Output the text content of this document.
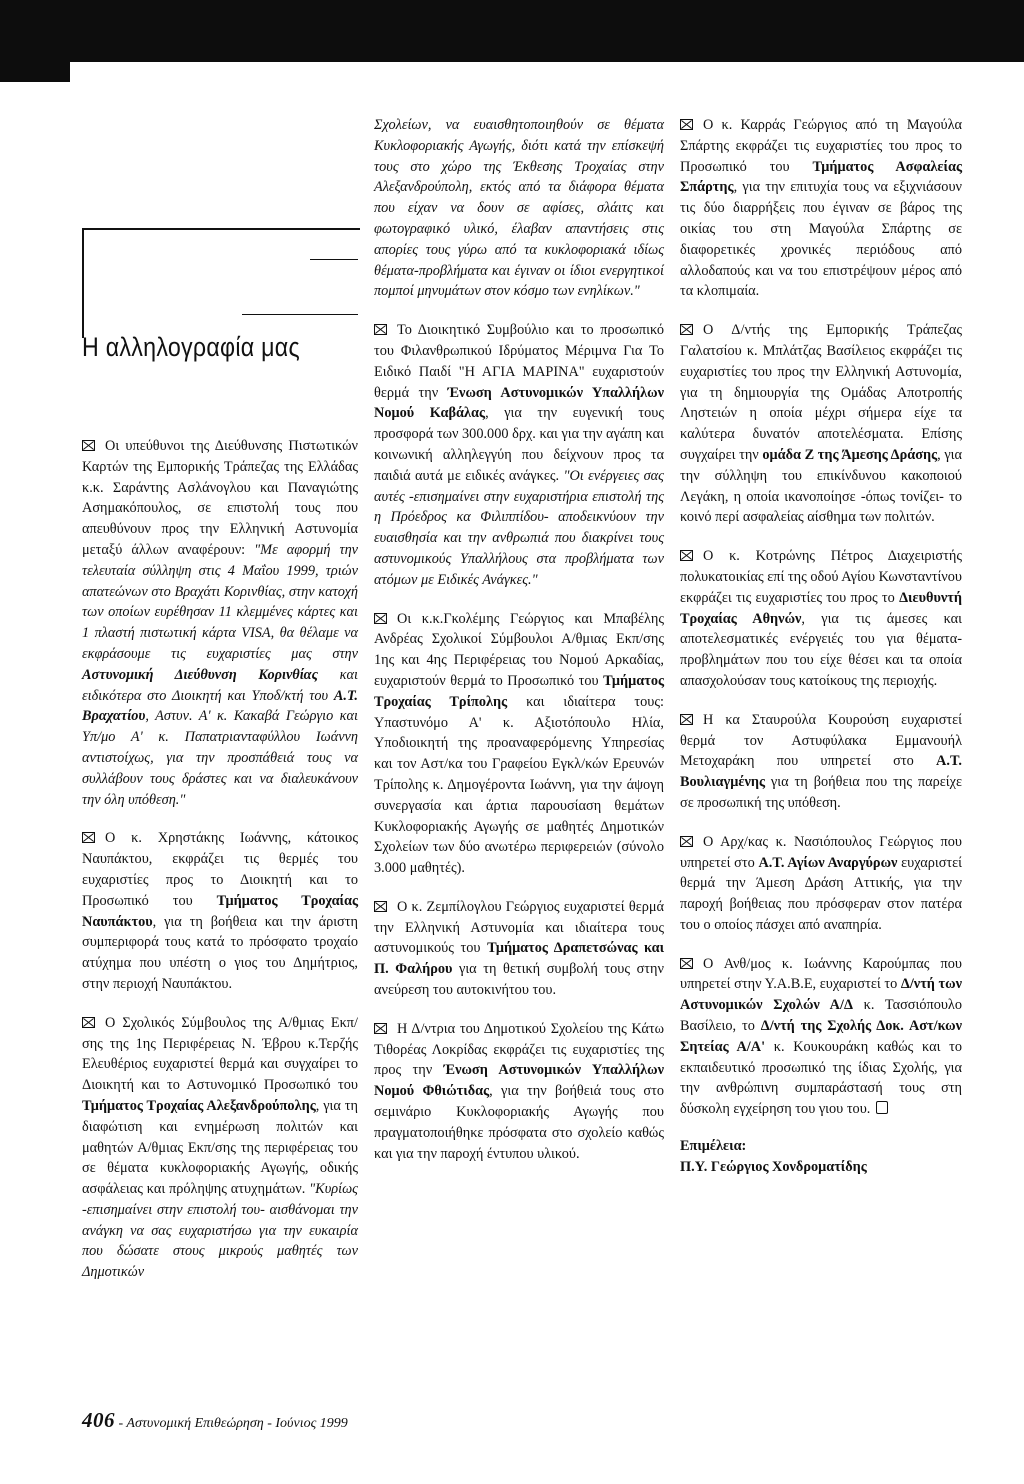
Η αλληλογραφία μας

Οι υπεύθυνοι της Διεύθυνσης Πιστωτικών Καρτών της Εμπορικής Τράπεζας της Ελλάδας κ.κ. Σαράντης Ασλάνογλου και Παναγιώτης Ασημακόπουλος, σε επιστολή τους που απευθύνουν προς την Ελληνική Αστυνομία μεταξύ άλλων αναφέρουν: "Με αφορμή την τελευταία σύλληψη στις 4 Μαΐου 1999, τριών απατεώνων στο Βραχάτι Κορινθίας, στην κατοχή των οποίων ευρέθησαν 11 κλεμμένες κάρτες και 1 πλαστή πιστωτική κάρτα VISA, θα θέλαμε να εκφράσουμε τις ευχαριστίες μας στην Αστυνομική Διεύθυνση Κορινθίας και ειδικότερα στο Διοικητή και Υποδ/κτή του Α.Τ. Βραχατίου, Αστυν. Α' κ. Κακαβά Γεώργιο και Υπ/μο Α' κ. Παπατριανταφύλλου Ιωάννη αντιστοίχως, για την προσπάθειά τους να συλλάβουν τους δράστες και να διαλευκάνουν την όλη υπόθεση."

Ο κ. Χρηστάκης Ιωάννης, κάτοικος Ναυπάκτου, εκφράζει τις θερμές του ευχαριστίες προς το Διοικητή και το Προσωπικό του Τμήματος Τροχαίας Ναυπάκτου, για τη βοήθεια και την άριστη συμπεριφορά τους κατά το πρόσφατο τροχαίο ατύχημα που υπέστη ο γιος του Δημήτριος, στην περιοχή Ναυπάκτου.

Ο Σχολικός Σύμβουλος της Α/θμιας Εκπ/σης της 1ης Περιφέρειας Ν. Έβρου κ.Τερζής Ελευθέριος ευχαριστεί θερμά και συγχαίρει το Διοικητή και το Αστυνομικό Προσωπικό του Τμήματος Τροχαίας Αλεξανδρούπολης, για τη διαφώτιση και ενημέρωση πολιτών και μαθητών Α/θμιας Εκπ/σης της περιφέρειας του σε θέματα κυκλοφοριακής Αγωγής, οδικής ασφάλειας και πρόληψης ατυχημάτων. "Κυρίως -επισημαίνει στην επιστολή του- αισθάνομαι την ανάγκη να σας ευχαριστήσω για την ευκαιρία που δώσατε στους μικρούς μαθητές των Δημοτικών

Σχολείων, να ευαισθητοποιηθούν σε θέματα Κυκλοφοριακής Αγωγής, διότι κατά την επίσκεψή τους στο χώρο της Έκθεσης Τροχαίας στην Αλεξανδρούπολη, εκτός από τα διάφορα θέματα που είχαν να δουν σε αφίσες, σλάιτς και φωτογραφικό υλικό, έλαβαν απαντήσεις στις απορίες τους γύρω από τα κυκλοφοριακά ιδίως θέματα-προβλήματα και έγιναν οι ίδιοι ενεργητικοί πομποί μηνυμάτων στον κόσμο των ενηλίκων."

Το Διοικητικό Συμβούλιο και το προσωπικό του Φιλανθρωπικού Ιδρύματος Μέριμνα Για Το Ειδικό Παιδί "Η ΑΓΙΑ ΜΑΡΙΝΑ" ευχαριστούν θερμά την Ένωση Αστυνομικών Υπαλλήλων Νομού Καβάλας, για την ευγενική τους προσφορά των 300.000 δρχ. και για την αγάπη και κοινωνική αλληλεγγύη που δείχνουν προς τα παιδιά αυτά με ειδικές ανάγκες. "Οι ενέργειες σας αυτές -επισημαίνει στην ευχαριστήρια επιστολή της η Πρόεδρος κα Φιλιππίδου- αποδεικνύουν την ευαισθησία και την ανθρωπιά που διακρίνει τους αστυνομικούς Υπαλλήλους στα προβλήματα των ατόμων με Ειδικές Ανάγκες."

Οι κ.κ.Γκολέμης Γεώργιος και Μπαβέλης Ανδρέας Σχολικοί Σύμβουλοι Α/θμιας Εκπ/σης 1ης και 4ης Περιφέρειας του Νομού Αρκαδίας, ευχαριστούν θερμά το Προσωπικό του Τμήματος Τροχαίας Τρίπολης και ιδιαίτερα τους: Υπαστυνόμο Α' κ. Αξιοτόπουλο Ηλία, Υποδιοικητή της προαναφερόμενης Υπηρεσίας και τον Αστ/κα του Γραφείου Εγκλ/κών Ερευνών Τρίπολης κ. Δημογέροντα Ιωάννη, για την άψογη συνεργασία και άρτια παρουσίαση θεμάτων Κυκλοφοριακής Αγωγής σε μαθητές Δημοτικών Σχολείων των δύο ανωτέρω περιφερειών (σύνολο 3.000 μαθητές).

Ο κ. Ζεμπίλογλου Γεώργιος ευχαριστεί θερμά την Ελληνική Αστυνομία και ιδιαίτερα τους αστυνομικούς του Τμήματος Δραπετσώνας και Π. Φαλήρου για τη θετική συμβολή τους στην ανεύρεση του αυτοκινήτου του.

Η Δ/ντρια του Δημοτικού Σχολείου της Κάτω Τιθορέας Λοκρίδας εκφράζει τις ευχαριστίες της προς την Ένωση Αστυνομικών Υπαλλήλων Νομού Φθιώτιδας, για την βοήθειά τους στο σεμινάριο Κυκλοφοριακής Αγωγής που πραγματοποιήθηκε πρόσφατα στο σχολείο καθώς και για την παροχή έντυπου υλικού.

Ο κ. Καρράς Γεώργιος από τη Μαγούλα Σπάρτης εκφράζει τις ευχαριστίες του προς το Προσωπικό του Τμήματος Ασφαλείας Σπάρτης, για την επιτυχία τους να εξιχνιάσουν τις δύο διαρρήξεις που έγιναν σε βάρος της οικίας του στη Μαγούλα Σπάρτης σε διαφορετικές χρονικές περιόδους από αλλοδαπούς και να του επιστρέψουν μέρος από τα κλοπιμαία.

Ο Δ/ντής της Εμπορικής Τράπεζας Γαλατσίου κ. Μπλάτζας Βασίλειος εκφράζει τις ευχαριστίες του προς την Ελληνική Αστυνομία, για τη δημιουργία της Ομάδας Αποτροπής Ληστειών η οποία μέχρι σήμερα είχε τα καλύτερα δυνατόν αποτελέσματα. Επίσης συγχαίρει την ομάδα Ζ της Άμεσης Δράσης, για την σύλληψη του επικίνδυνου κακοποιού Λεγάκη, η οποία ικανοποίησε -όπως τονίζει- το κοινό περί ασφαλείας αίσθημα των πολιτών.

Ο κ. Κοτρώνης Πέτρος Διαχειριστής πολυκατοικίας επί της οδού Αγίου Κωνσταντίνου εκφράζει τις ευχαριστίες του προς το Διευθυντή Τροχαίας Αθηνών, για τις άμεσες και αποτελεσματικές ενέργειές του για θέματα-προβλημάτων που του είχε θέσει και τα οποία απασχολούσαν τους κατοίκους της περιοχής.

Η κα Σταυρούλα Κουρούση ευχαριστεί θερμά τον Αστυφύλακα Εμμανουήλ Μετοχαράκη που υπηρετεί στο Α.Τ. Βουλιαγμένης για τη βοήθεια που της παρείχε σε προσωπική της υπόθεση.

Ο Αρχ/κας κ. Νασιόπουλος Γεώργιος που υπηρετεί στο Α.Τ. Αγίων Αναργύρων ευχαριστεί θερμά την Άμεση Δράση Αττικής, για την παροχή βοήθειας που πρόσφεραν στον πατέρα του ο οποίος πάσχει από αναπηρία.

Ο Ανθ/μος κ. Ιωάννης Καρούμπας που υπηρετεί στην Υ.Α.Β.Ε, ευχαριστεί το Δ/ντή των Αστυνομικών Σχολών Α/Δ κ. Τασσιόπουλο Βασίλειο, το Δ/ντή της Σχολής Δοκ. Αστ/κων Σητείας Α/Α' κ. Κουκουράκη καθώς και το εκπαιδευτικό προσωπικό της ίδιας Σχολής, για την ανθρώπινη συμπαράστασή τους στη δύσκολη εγχείρηση του γιου του.

Επιμέλεια:
Π.Υ. Γεώργιος Χονδροματίδης
406 - Αστυνομική Επιθεώρηση - Ιούνιος 1999
